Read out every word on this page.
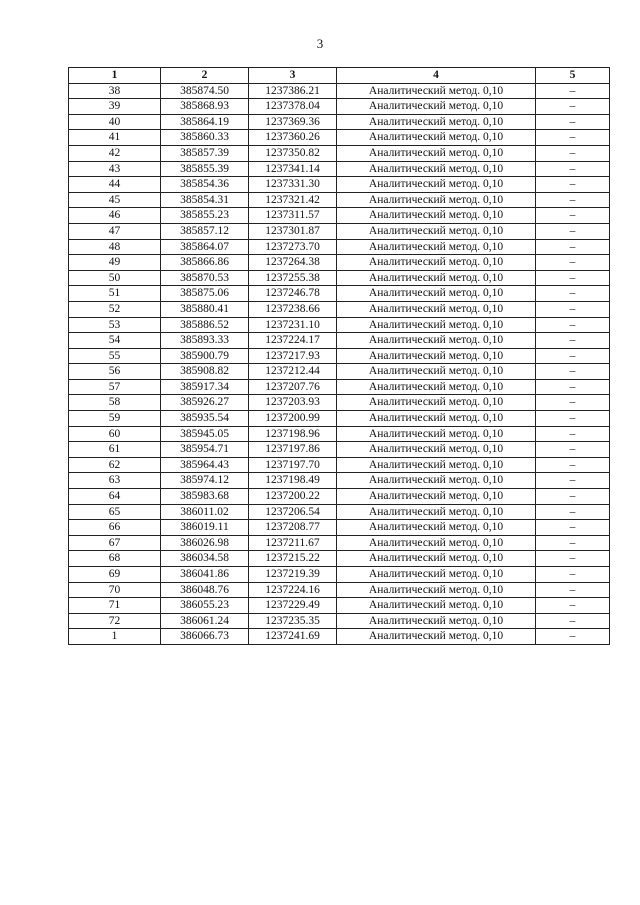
3
1	2	3	4	5
38	385874.50	1237386.21	Аналитический метод. 0,10	–
39	385868.93	1237378.04	Аналитический метод. 0,10	–
40	385864.19	1237369.36	Аналитический метод. 0,10	–
41	385860.33	1237360.26	Аналитический метод. 0,10	–
42	385857.39	1237350.82	Аналитический метод. 0,10	–
43	385855.39	1237341.14	Аналитический метод. 0,10	–
44	385854.36	1237331.30	Аналитический метод. 0,10	–
45	385854.31	1237321.42	Аналитический метод. 0,10	–
46	385855.23	1237311.57	Аналитический метод. 0,10	–
47	385857.12	1237301.87	Аналитический метод. 0,10	–
48	385864.07	1237273.70	Аналитический метод. 0,10	–
49	385866.86	1237264.38	Аналитический метод. 0,10	–
50	385870.53	1237255.38	Аналитический метод. 0,10	–
51	385875.06	1237246.78	Аналитический метод. 0,10	–
52	385880.41	1237238.66	Аналитический метод. 0,10	–
53	385886.52	1237231.10	Аналитический метод. 0,10	–
54	385893.33	1237224.17	Аналитический метод. 0,10	–
55	385900.79	1237217.93	Аналитический метод. 0,10	–
56	385908.82	1237212.44	Аналитический метод. 0,10	–
57	385917.34	1237207.76	Аналитический метод. 0,10	–
58	385926.27	1237203.93	Аналитический метод. 0,10	–
59	385935.54	1237200.99	Аналитический метод. 0,10	–
60	385945.05	1237198.96	Аналитический метод. 0,10	–
61	385954.71	1237197.86	Аналитический метод. 0,10	–
62	385964.43	1237197.70	Аналитический метод. 0,10	–
63	385974.12	1237198.49	Аналитический метод. 0,10	–
64	385983.68	1237200.22	Аналитический метод. 0,10	–
65	386011.02	1237206.54	Аналитический метод. 0,10	–
66	386019.11	1237208.77	Аналитический метод. 0,10	–
67	386026.98	1237211.67	Аналитический метод. 0,10	–
68	386034.58	1237215.22	Аналитический метод. 0,10	–
69	386041.86	1237219.39	Аналитический метод. 0,10	–
70	386048.76	1237224.16	Аналитический метод. 0,10	–
71	386055.23	1237229.49	Аналитический метод. 0,10	–
72	386061.24	1237235.35	Аналитический метод. 0,10	–
1	386066.73	1237241.69	Аналитический метод. 0,10	–
